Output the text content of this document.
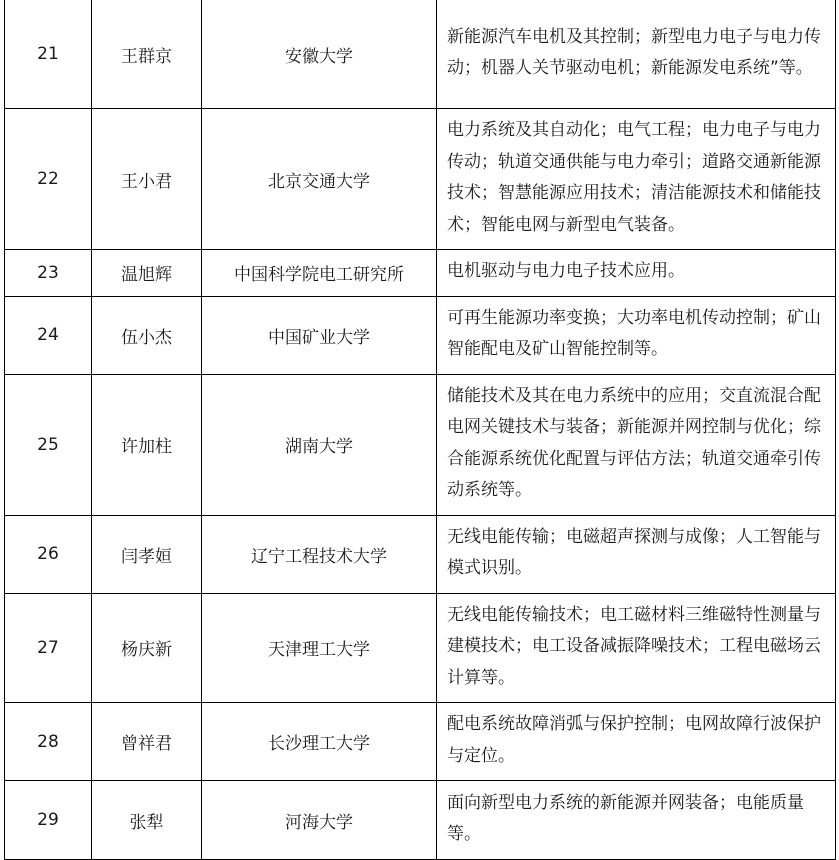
21	王群京	安徽大学	新能源汽车电机及其控制；新型电力电子与电力传动；机器人关节驱动电机；新能源发电系统”等。
22	王小君	北京交通大学	电力系统及其自动化；电气工程；电力电子与电力传动；轨道交通供能与电力牵引；道路交通新能源技术；智慧能源应用技术；清洁能源技术和储能技术；智能电网与新型电气装备。
23	温旭辉	中国科学院电工研究所	电机驱动与电力电子技术应用。
24	伍小杰	中国矿业大学	可再生能源功率变换；大功率电机传动控制；矿山智能配电及矿山智能控制等。
25	许加柱	湖南大学	储能技术及其在电力系统中的应用；交直流混合配电网关键技术与装备；新能源并网控制与优化；综合能源系统优化配置与评估方法；轨道交通牵引传动系统等。
26	闫孝姮	辽宁工程技术大学	无线电能传输；电磁超声探测与成像；人工智能与模式识别。
27	杨庆新	天津理工大学	无线电能传输技术；电工磁材料三维磁特性测量与建模技术；电工设备减振降噪技术；工程电磁场云计算等。
28	曾祥君	长沙理工大学	配电系统故障消弧与保护控制；电网故障行波保护与定位。
29	张犁	河海大学	面向新型电力系统的新能源并网装备；电能质量等。
